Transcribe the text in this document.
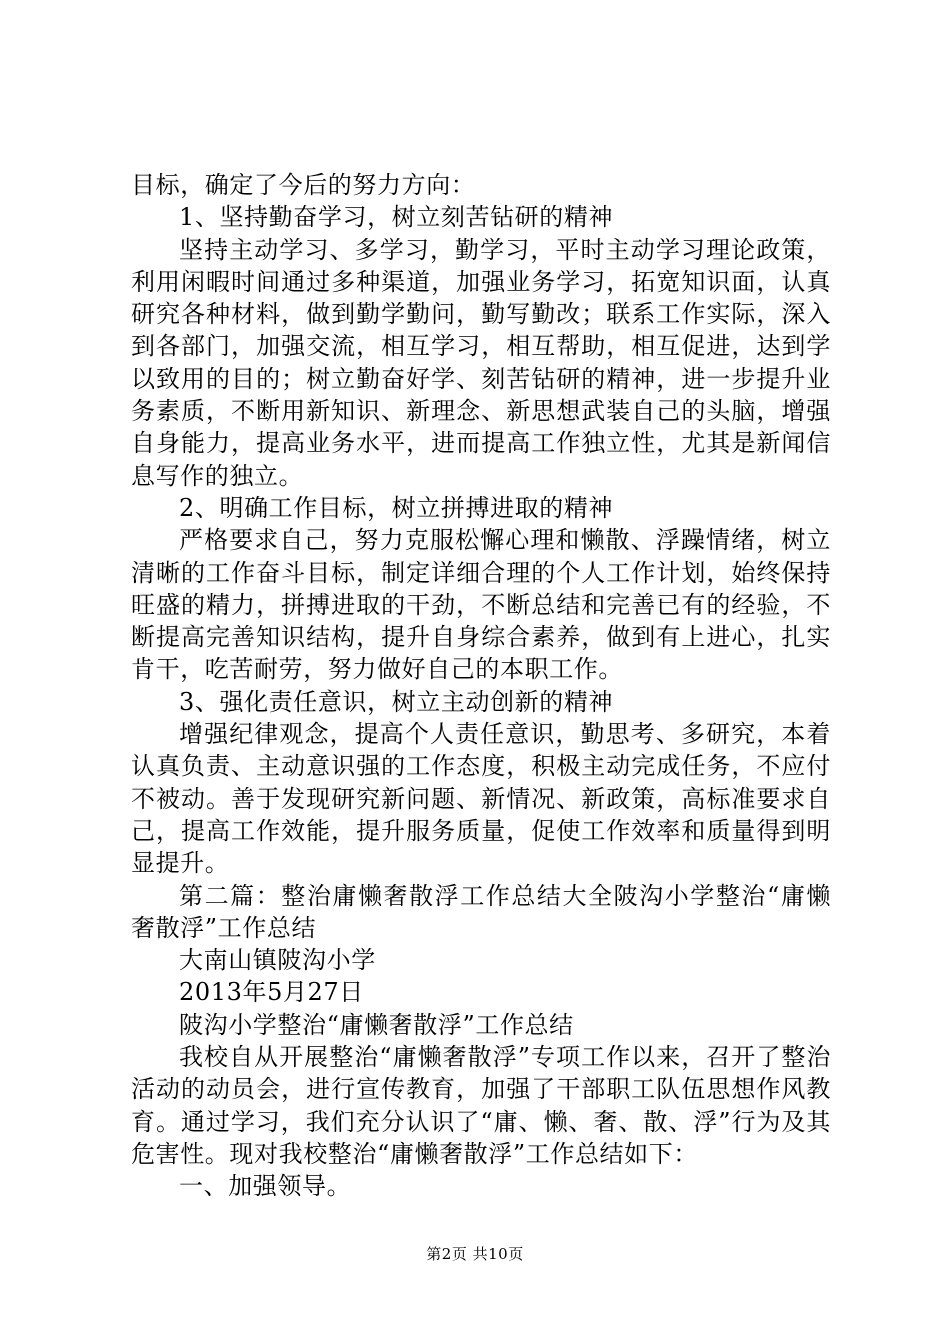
目标，确定了今后的努力方向：

1、坚持勤奋学习，树立刻苦钻研的精神

坚持主动学习、多学习，勤学习，平时主动学习理论政策，利用闲暇时间通过多种渠道，加强业务学习，拓宽知识面，认真研究各种材料，做到勤学勤问，勤写勤改；联系工作实际，深入到各部门，加强交流，相互学习，相互帮助，相互促进，达到学以致用的目的；树立勤奋好学、刻苦钻研的精神，进一步提升业务素质，不断用新知识、新理念、新思想武装自己的头脑，增强自身能力，提高业务水平，进而提高工作独立性，尤其是新闻信息写作的独立。

2、明确工作目标，树立拼搏进取的精神

严格要求自己，努力克服松懈心理和懒散、浮躁情绪，树立清晰的工作奋斗目标，制定详细合理的个人工作计划，始终保持旺盛的精力，拼搏进取的干劲，不断总结和完善已有的经验，不断提高完善知识结构，提升自身综合素养，做到有上进心，扎实肯干，吃苦耐劳，努力做好自己的本职工作。

3、强化责任意识，树立主动创新的精神

增强纪律观念，提高个人责任意识，勤思考、多研究，本着认真负责、主动意识强的工作态度，积极主动完成任务，不应付不被动。善于发现研究新问题、新情况、新政策，高标准要求自己，提高工作效能，提升服务质量，促使工作效率和质量得到明显提升。

第二篇：整治庸懒奢散浮工作总结大全陂沟小学整治“庸懒奢散浮”工作总结

大南山镇陂沟小学

2013年5月27日

陂沟小学整治“庸懒奢散浮”工作总结

我校自从开展整治“庸懒奢散浮”专项工作以来，召开了整治活动的动员会，进行宣传教育，加强了干部职工队伍思想作风教育。通过学习，我们充分认识了“庸、懒、奢、散、浮”行为及其危害性。现对我校整治“庸懒奢散浮”工作总结如下：

一、加强领导。

第2页 共10页
